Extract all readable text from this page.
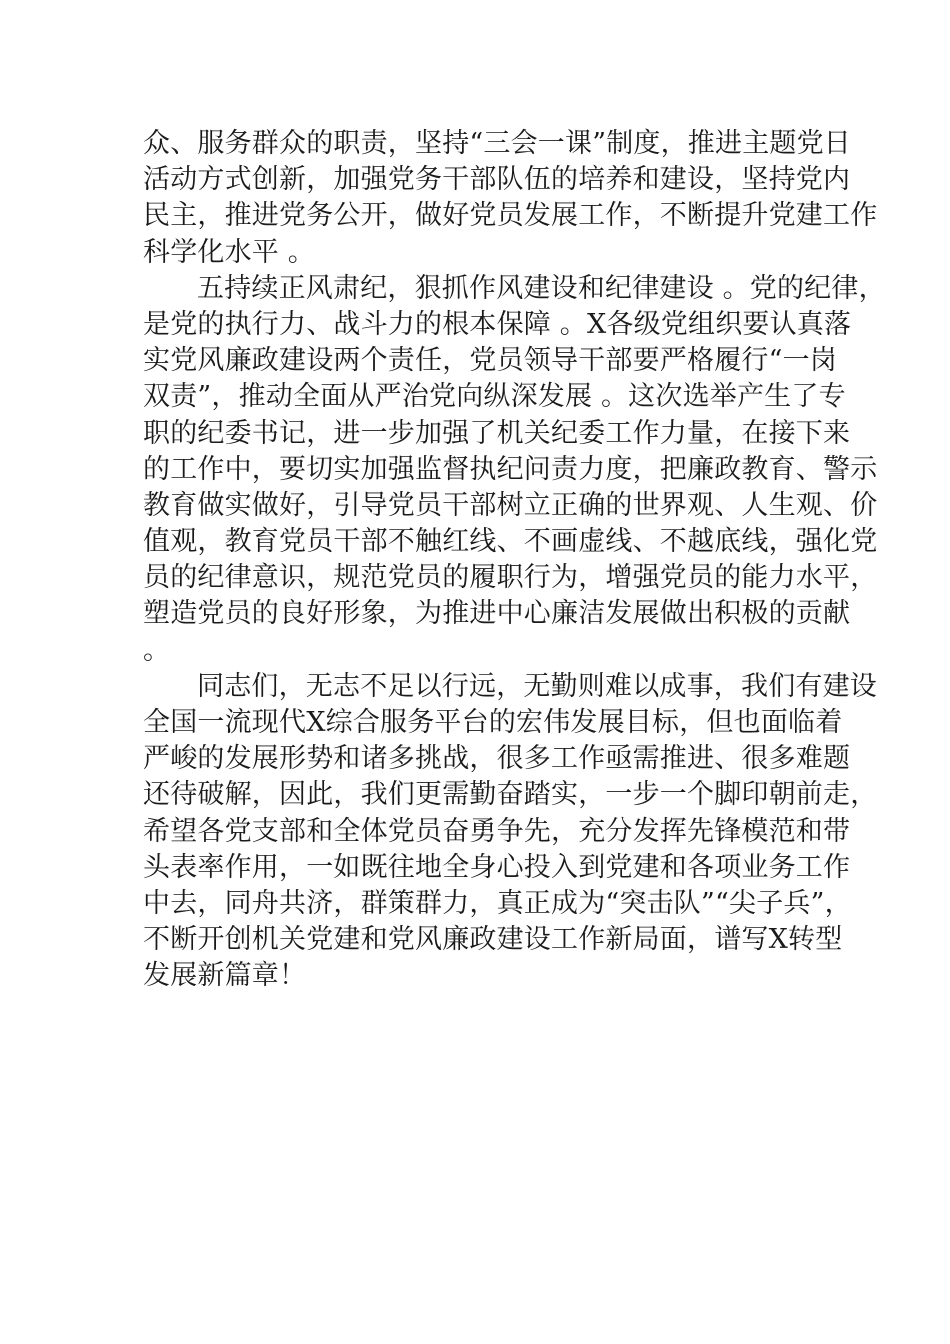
众、服务群众的职责，坚持“三会一课”制度，推进主题党日
活动方式创新，加强党务干部队伍的培养和建设，坚持党内
民主，推进党务公开，做好党员发展工作，不断提升党建工作
科学化水平 。
五持续正风肃纪，狠抓作风建设和纪律建设 。党的纪律，
是党的执行力、战斗力的根本保障 。X各级党组织要认真落
实党风廉政建设两个责任，党员领导干部要严格履行“一岗
双责”，推动全面从严治党向纵深发展 。这次选举产生了专
职的纪委书记，进一步加强了机关纪委工作力量，在接下来
的工作中，要切实加强监督执纪问责力度，把廉政教育、警示
教育做实做好，引导党员干部树立正确的世界观、人生观、价
值观，教育党员干部不触红线、不画虚线、不越底线，强化党
员的纪律意识，规范党员的履职行为，增强党员的能力水平，
塑造党员的良好形象，为推进中心廉洁发展做出积极的贡献
。
同志们，无志不足以行远，无勤则难以成事，我们有建设
全国一流现代X综合服务平台的宏伟发展目标，但也面临着
严峻的发展形势和诸多挑战，很多工作亟需推进、很多难题
还待破解，因此，我们更需勤奋踏实，一步一个脚印朝前走，
希望各党支部和全体党员奋勇争先，充分发挥先锋模范和带
头表率作用，一如既往地全身心投入到党建和各项业务工作
中去，同舟共济，群策群力，真正成为“突击队”“尖子兵”，
不断开创机关党建和党风廉政建设工作新局面，谱写X转型
发展新篇章！
